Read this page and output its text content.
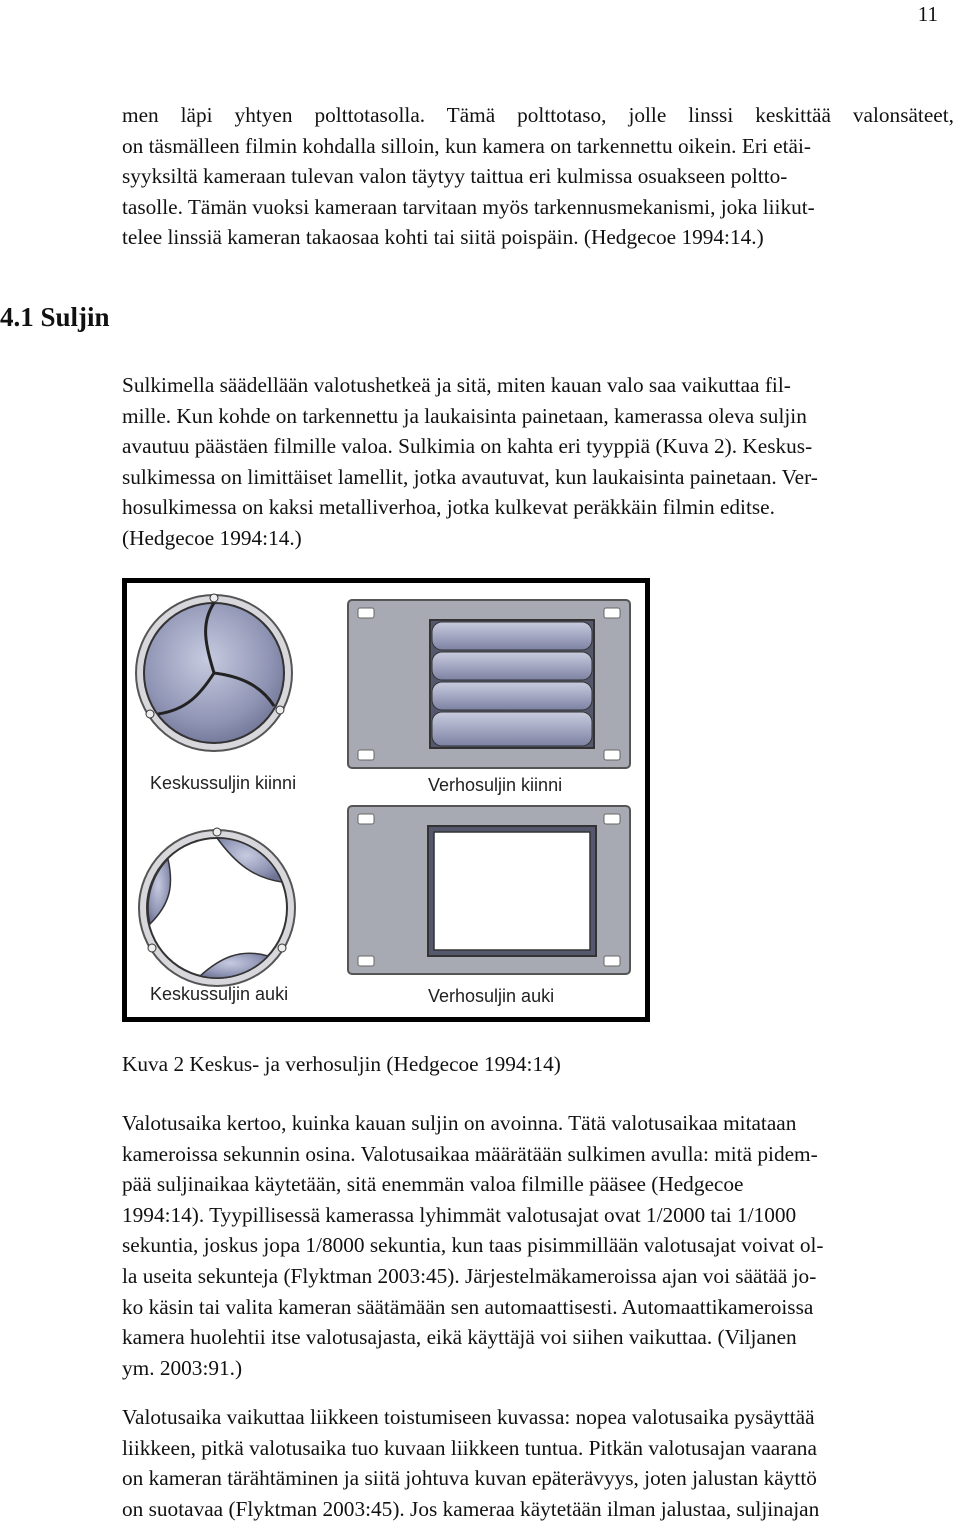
11

men läpi yhtyen polttotasolla. Tämä polttotaso, jolle linssi keskittää valonsäteet,
on täsmälleen filmin kohdalla silloin, kun kamera on tarkennettu oikein. Eri etäi-
syyksiltä kameraan tulevan valon täytyy taittua eri kulmissa osuakseen poltto-
tasolle. Tämän vuoksi kameraan tarvitaan myös tarkennusmekanismi, joka liikut-
telee linssiä kameran takaosaa kohti tai siitä poispäin. (Hedgecoe 1994:14.)

4.1 Suljin

Sulkimella säädellään valotushetkeä ja sitä, miten kauan valo saa vaikuttaa fil-
mille. Kun kohde on tarkennettu ja laukaisinta painetaan, kamerassa oleva suljin
avautuu päästäen filmille valoa. Sulkimia on kahta eri tyyppiä (Kuva 2). Keskus-
sulkimessa on limittäiset lamellit, jotka avautuvat, kun laukaisinta painetaan. Ver-
hosulkimessa on kaksi metalliverhoa, jotka kulkevat peräkkäin filmin editse.
(Hedgecoe 1994:14.)

Keskussuljin kiinni
Keskussuljin auki
Verhosuljin kiinni
Verhosuljin auki

Kuva 2 Keskus- ja verhosuljin (Hedgecoe 1994:14)

Valotusaika kertoo, kuinka kauan suljin on avoinna. Tätä valotusaikaa mitataan
kameroissa sekunnin osina. Valotusaikaa määrätään sulkimen avulla: mitä pidem-
pää suljinaikaa käytetään, sitä enemmän valoa filmille pääsee (Hedgecoe
1994:14). Tyypillisessä kamerassa lyhimmät valotusajat ovat 1/2000 tai 1/1000
sekuntia, joskus jopa 1/8000 sekuntia, kun taas pisimmillään valotusajat voivat ol-
la useita sekunteja (Flyktman 2003:45). Järjestelmäkameroissa ajan voi säätää jo-
ko käsin tai valita kameran säätämään sen automaattisesti. Automaattikameroissa
kamera huolehtii itse valotusajasta, eikä käyttäjä voi siihen vaikuttaa. (Viljanen
ym. 2003:91.)

Valotusaika vaikuttaa liikkeen toistumiseen kuvassa: nopea valotusaika pysäyttää
liikkeen, pitkä valotusaika tuo kuvaan liikkeen tuntua. Pitkän valotusajan vaarana
on kameran tärähtäminen ja siitä johtuva kuvan epäterävyys, joten jalustan käyttö
on suotavaa (Flyktman 2003:45). Jos kameraa käytetään ilman jalustaa, suljinajan
